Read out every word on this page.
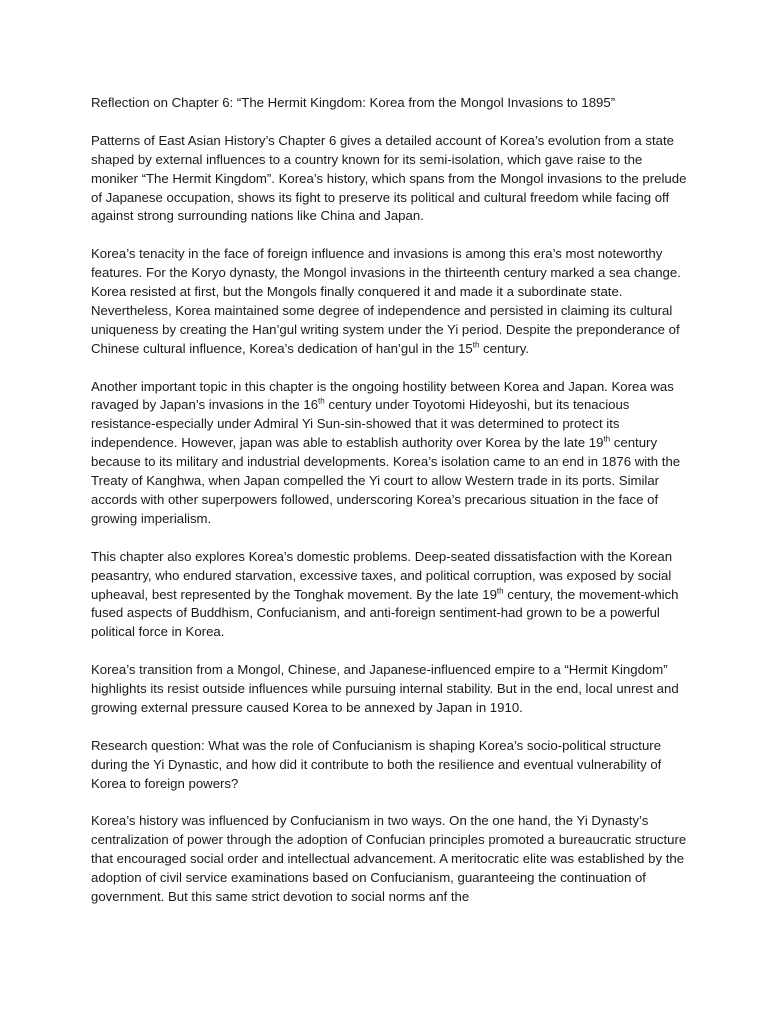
Reflection on Chapter 6: “The Hermit Kingdom: Korea from the Mongol Invasions to 1895”

Patterns of East Asian History’s Chapter 6 gives a detailed account of Korea’s evolution from a state shaped by external influences to a country known for its semi-isolation, which gave raise to the moniker “The Hermit Kingdom”. Korea’s history, which spans from the Mongol invasions to the prelude of Japanese occupation, shows its fight to preserve its political and cultural freedom while facing off against strong surrounding nations like China and Japan.

Korea’s tenacity in the face of foreign influence and invasions is among this era’s most noteworthy features. For the Koryo dynasty, the Mongol invasions in the thirteenth century marked a sea change. Korea resisted at first, but the Mongols finally conquered it and made it a subordinate state. Nevertheless, Korea maintained some degree of independence and persisted in claiming its cultural uniqueness by creating the Han’gul writing system under the Yi period. Despite the preponderance of Chinese cultural influence, Korea’s dedication of han’gul in the 15th century.

Another important topic in this chapter is the ongoing hostility between Korea and Japan. Korea was ravaged by Japan’s invasions in the 16th century under Toyotomi Hideyoshi, but its tenacious resistance-especially under Admiral Yi Sun-sin-showed that it was determined to protect its independence. However, japan was able to establish authority over Korea by the late 19th century because to its military and industrial developments. Korea’s isolation came to an end in 1876 with the Treaty of Kanghwa, when Japan compelled the Yi court to allow Western trade in its ports. Similar accords with other superpowers followed, underscoring Korea’s precarious situation in the face of growing imperialism.

This chapter also explores Korea’s domestic problems. Deep-seated dissatisfaction with the Korean peasantry, who endured starvation, excessive taxes, and political corruption, was exposed by social upheaval, best represented by the Tonghak movement. By the late 19th century, the movement-which fused aspects of Buddhism, Confucianism, and anti-foreign sentiment-had grown to be a powerful political force in Korea.

Korea’s transition from a Mongol, Chinese, and Japanese-influenced empire to a “Hermit Kingdom” highlights its resist outside influences while pursuing internal stability. But in the end, local unrest and growing external pressure caused Korea to be annexed by Japan in 1910.

Research question: What was the role of Confucianism is shaping Korea’s socio-political structure during the Yi Dynastic, and how did it contribute to both the resilience and eventual vulnerability of Korea to foreign powers?

Korea’s history was influenced by Confucianism in two ways. On the one hand, the Yi Dynasty’s centralization of power through the adoption of Confucian principles promoted a bureaucratic structure that encouraged social order and intellectual advancement. A meritocratic elite was established by the adoption of civil service examinations based on Confucianism, guaranteeing the continuation of government. But this same strict devotion to social norms anf the
